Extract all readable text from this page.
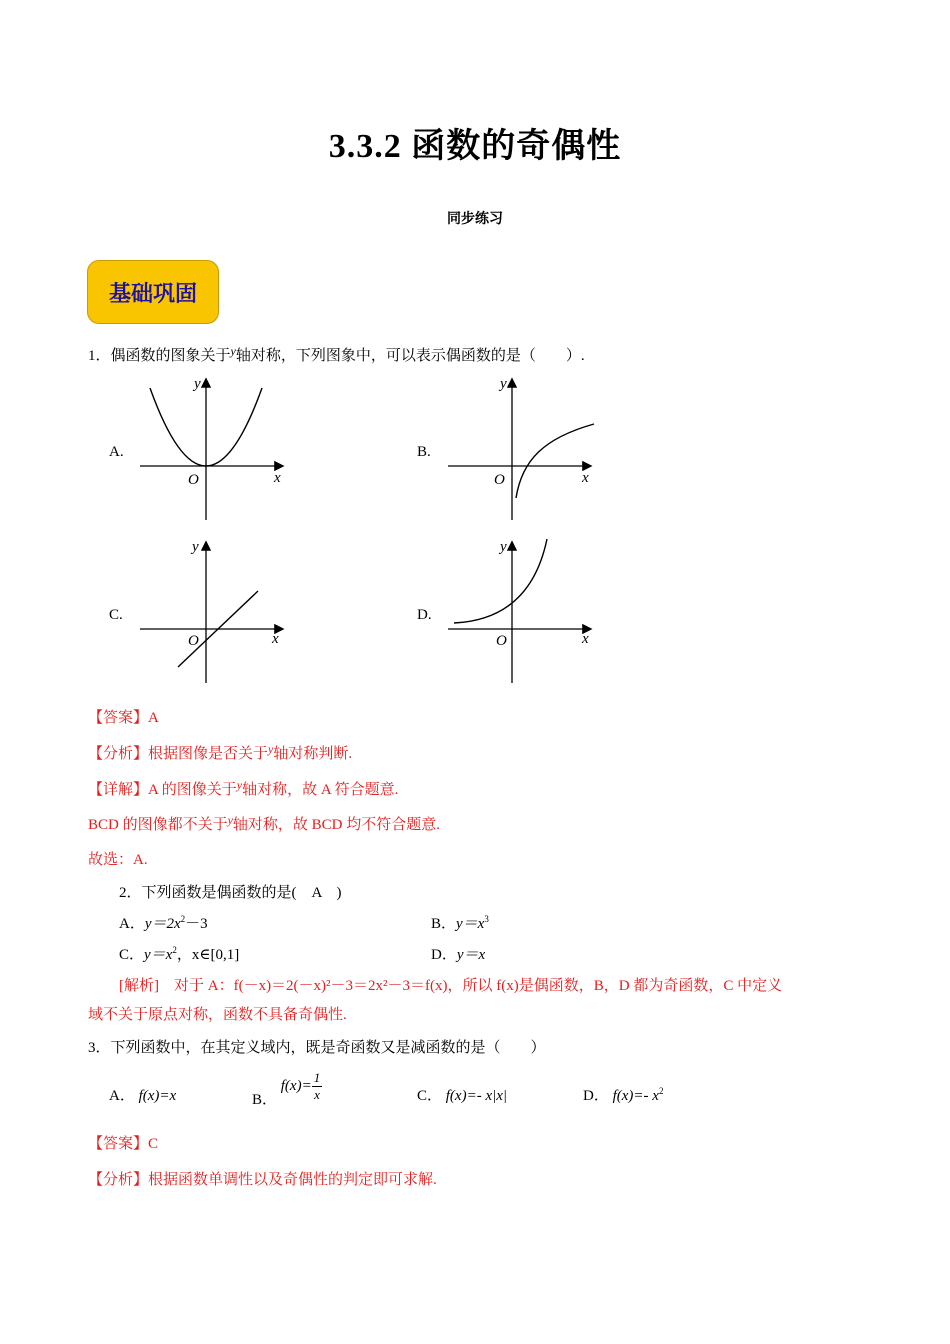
3.3.2 函数的奇偶性
同步练习
基础巩固
1．偶函数的图象关于$^y$轴对称，下列图象中，可以表示偶函数的是（　　）.
A.
y
x
O
B.
y
x
O
C.
y
x
O
D.
y
x
O
【答案】A
【分析】根据图像是否关于$^y$轴对称判断.
【详解】A 的图像关于$^y$轴对称，故 A 符合题意.
BCD 的图像都不关于$^y$轴对称，故 BCD 均不符合题意.
故选：A.
2．下列函数是偶函数的是(　A　)
A．$y=2x^2-3$	B．$y=x^3$
C．$y=x^2$，x∈[0,1]	D．y＝x
[解析]　对于 A：f(－x)＝2(－x)²－3＝2x²－3＝f(x)，所以 f(x)是偶函数，B，D 都为奇函数，C 中定义
域不关于原点对称，函数不具备奇偶性.
3．下列函数中，在其定义域内，既是奇函数又是减函数的是（　　）
A． f(x)=x	B． $f(x)= \frac{1}{x}$	C． f(x)=- x|x|	D． f(x)=- $x^2$
【答案】C
【分析】根据函数单调性以及奇偶性的判定即可求解.
